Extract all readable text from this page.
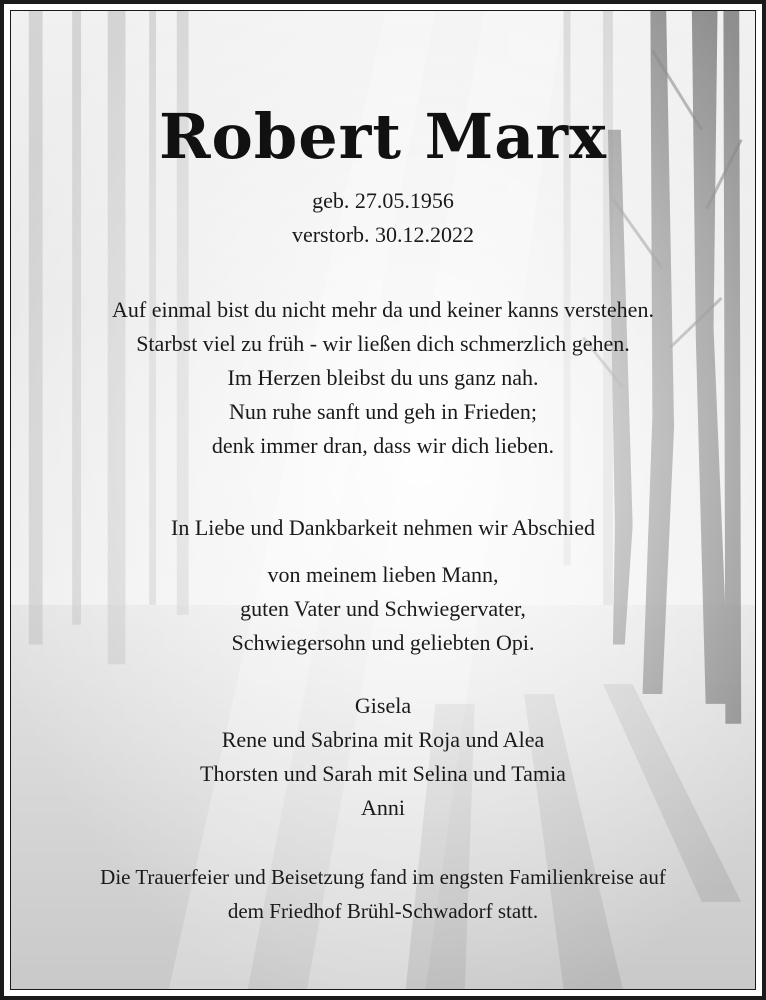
Robert Marx
geb. 27.05.1956
verstorb. 30.12.2022
Auf einmal bist du nicht mehr da und keiner kanns verstehen.
Starbst viel zu früh - wir ließen dich schmerzlich gehen.
Im Herzen bleibst du uns ganz nah.
Nun ruhe sanft und geh in Frieden;
denk immer dran, dass wir dich lieben.
In Liebe und Dankbarkeit nehmen wir Abschied
von meinem lieben Mann,
guten Vater und Schwiegervater,
Schwiegersohn und geliebten Opi.
Gisela
Rene und Sabrina mit Roja und Alea
Thorsten und Sarah mit Selina und Tamia
Anni
Die Trauerfeier und Beisetzung fand im engsten Familienkreise auf
dem Friedhof Brühl-Schwadorf statt.
